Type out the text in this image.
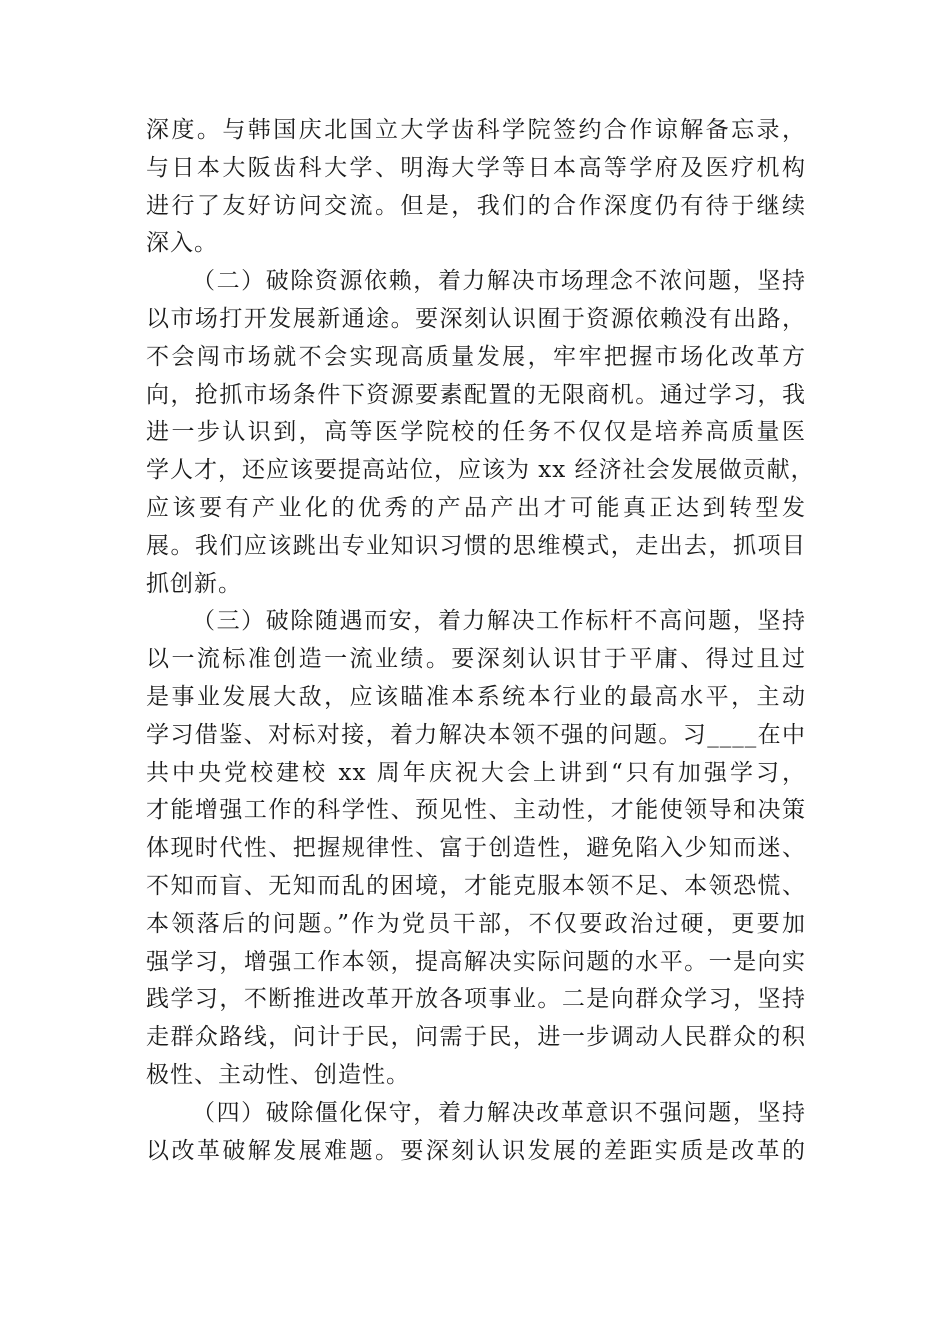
深度。与韩国庆北国立大学齿科学院签约合作谅解备忘录，
与日本大阪齿科大学、明海大学等日本高等学府及医疗机构
进行了友好访问交流。但是，我们的合作深度仍有待于继续
深入。
（二）破除资源依赖，着力解决市场理念不浓问题，坚持
以市场打开发展新通途。要深刻认识囿于资源依赖没有出路，
不会闯市场就不会实现高质量发展，牢牢把握市场化改革方
向，抢抓市场条件下资源要素配置的无限商机。通过学习，我
进一步认识到，高等医学院校的任务不仅仅是培养高质量医
学人才，还应该要提高站位，应该为 xx 经济社会发展做贡献，
应该要有产业化的优秀的产品产出才可能真正达到转型发
展。我们应该跳出专业知识习惯的思维模式，走出去，抓项目
抓创新。
（三）破除随遇而安，着力解决工作标杆不高问题，坚持
以一流标准创造一流业绩。要深刻认识甘于平庸、得过且过
是事业发展大敌，应该瞄准本系统本行业的最高水平，主动
学习借鉴、对标对接，着力解决本领不强的问题。习____在中
共中央党校建校 xx 周年庆祝大会上讲到“只有加强学习，
才能增强工作的科学性、预见性、主动性，才能使领导和决策
体现时代性、把握规律性、富于创造性，避免陷入少知而迷、
不知而盲、无知而乱的困境，才能克服本领不足、本领恐慌、
本领落后的问题。”作为党员干部，不仅要政治过硬，更要加
强学习，增强工作本领，提高解决实际问题的水平。一是向实
践学习，不断推进改革开放各项事业。二是向群众学习，坚持
走群众路线，问计于民，问需于民，进一步调动人民群众的积
极性、主动性、创造性。
（四）破除僵化保守，着力解决改革意识不强问题，坚持
以改革破解发展难题。要深刻认识发展的差距实质是改革的
